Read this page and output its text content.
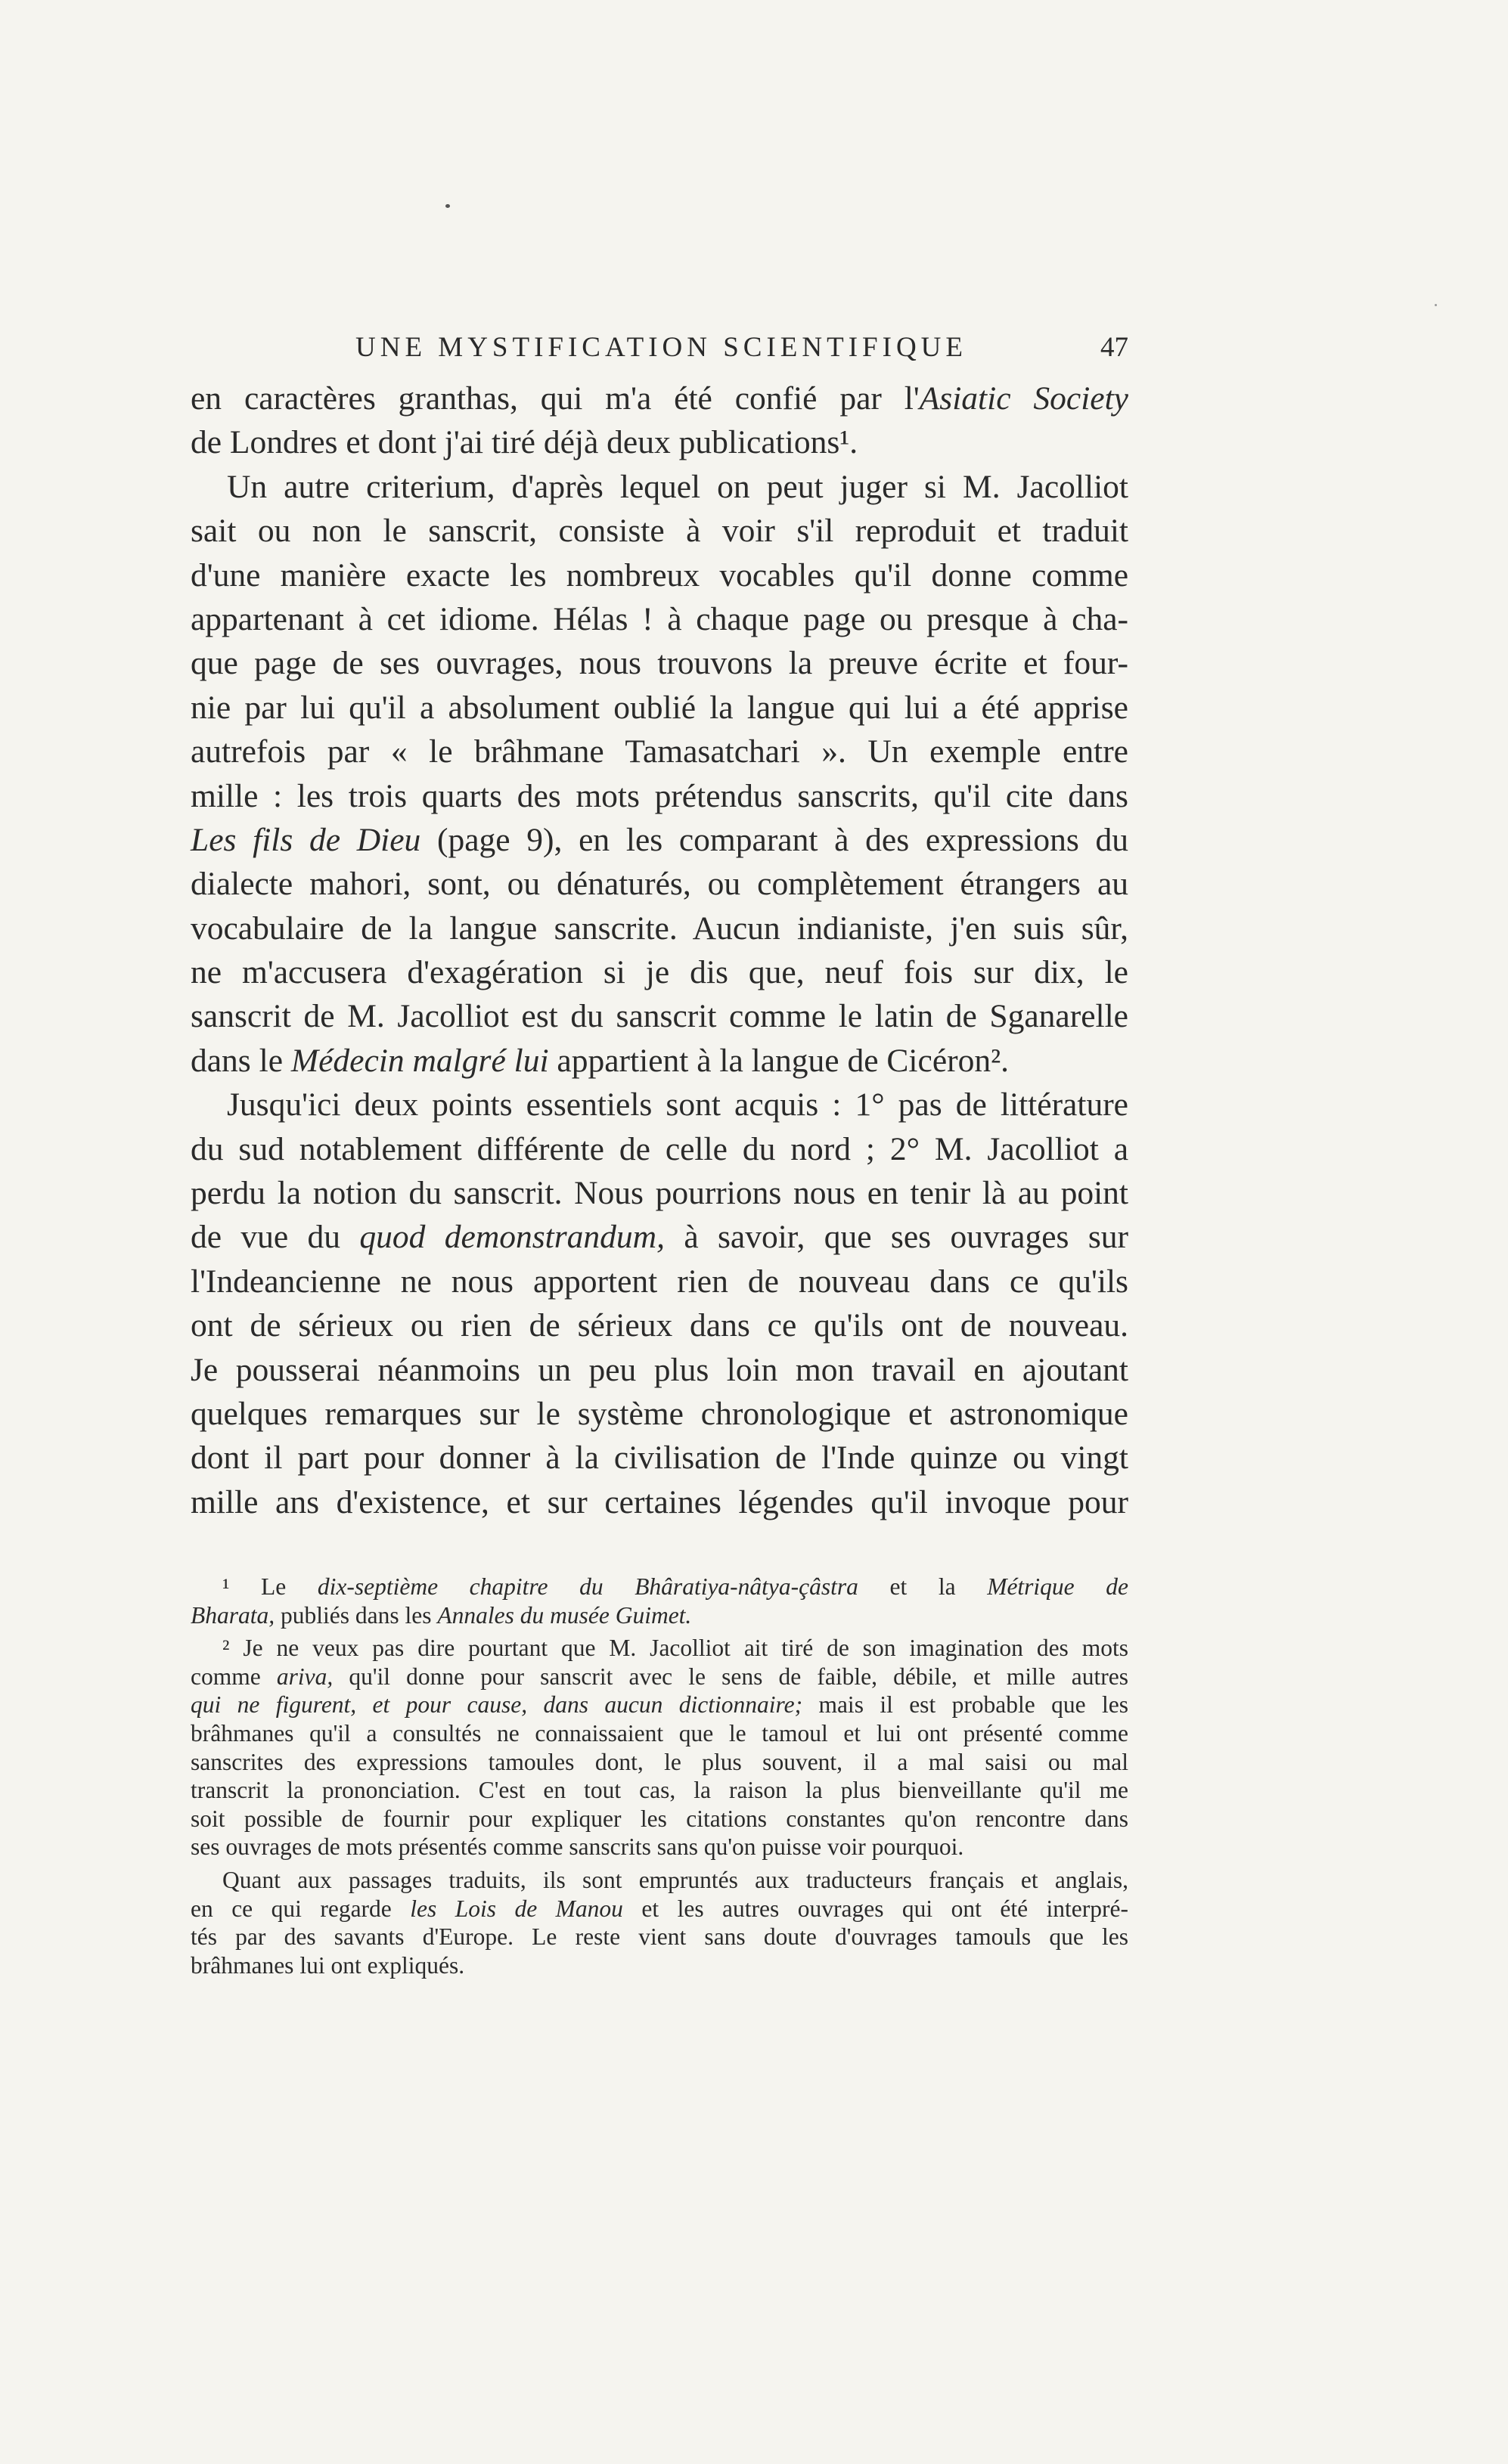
UNE MYSTIFICATION SCIENTIFIQUE	47
en caractères granthas, qui m'a été confié par l'Asiatic Society
de Londres et dont j'ai tiré déjà deux publications¹.
Un autre criterium, d'après lequel on peut juger si M. Jacolliot
sait ou non le sanscrit, consiste à voir s'il reproduit et traduit
d'une manière exacte les nombreux vocables qu'il donne comme
appartenant à cet idiome. Hélas ! à chaque page ou presque à cha-
que page de ses ouvrages, nous trouvons la preuve écrite et four-
nie par lui qu'il a absolument oublié la langue qui lui a été apprise
autrefois par « le brâhmane Tamasatchari ». Un exemple entre
mille : les trois quarts des mots prétendus sanscrits, qu'il cite dans
Les fils de Dieu (page 9), en les comparant à des expressions du
dialecte mahori, sont, ou dénaturés, ou complètement étrangers au
vocabulaire de la langue sanscrite. Aucun indianiste, j'en suis sûr,
ne m'accusera d'exagération si je dis que, neuf fois sur dix, le
sanscrit de M. Jacolliot est du sanscrit comme le latin de Sganarelle
dans le Médecin malgré lui appartient à la langue de Cicéron².
Jusqu'ici deux points essentiels sont acquis : 1° pas de littérature
du sud notablement différente de celle du nord ; 2° M. Jacolliot a
perdu la notion du sanscrit. Nous pourrions nous en tenir là au point
de vue du quod demonstrandum, à savoir, que ses ouvrages sur
l'Indeancienne ne nous apportent rien de nouveau dans ce qu'ils
ont de sérieux ou rien de sérieux dans ce qu'ils ont de nouveau.
Je pousserai néanmoins un peu plus loin mon travail en ajoutant
quelques remarques sur le système chronologique et astronomique
dont il part pour donner à la civilisation de l'Inde quinze ou vingt
mille ans d'existence, et sur certaines légendes qu'il invoque pour
¹ Le dix-septième chapitre du Bhâratiya-nâtya-çâstra et la Métrique de
Bharata, publiés dans les Annales du musée Guimet.
² Je ne veux pas dire pourtant que M. Jacolliot ait tiré de son imagination des mots
comme ariva, qu'il donne pour sanscrit avec le sens de faible, débile, et mille autres
qui ne figurent, et pour cause, dans aucun dictionnaire; mais il est probable que les
brâhmanes qu'il a consultés ne connaissaient que le tamoul et lui ont présenté comme
sanscrites des expressions tamoules dont, le plus souvent, il a mal saisi ou mal
transcrit la prononciation. C'est en tout cas, la raison la plus bienveillante qu'il me
soit possible de fournir pour expliquer les citations constantes qu'on rencontre dans
ses ouvrages de mots présentés comme sanscrits sans qu'on puisse voir pourquoi.
Quant aux passages traduits, ils sont empruntés aux traducteurs français et anglais,
en ce qui regarde les Lois de Manou et les autres ouvrages qui ont été interpré-
tés par des savants d'Europe. Le reste vient sans doute d'ouvrages tamouls que les
brâhmanes lui ont expliqués.
